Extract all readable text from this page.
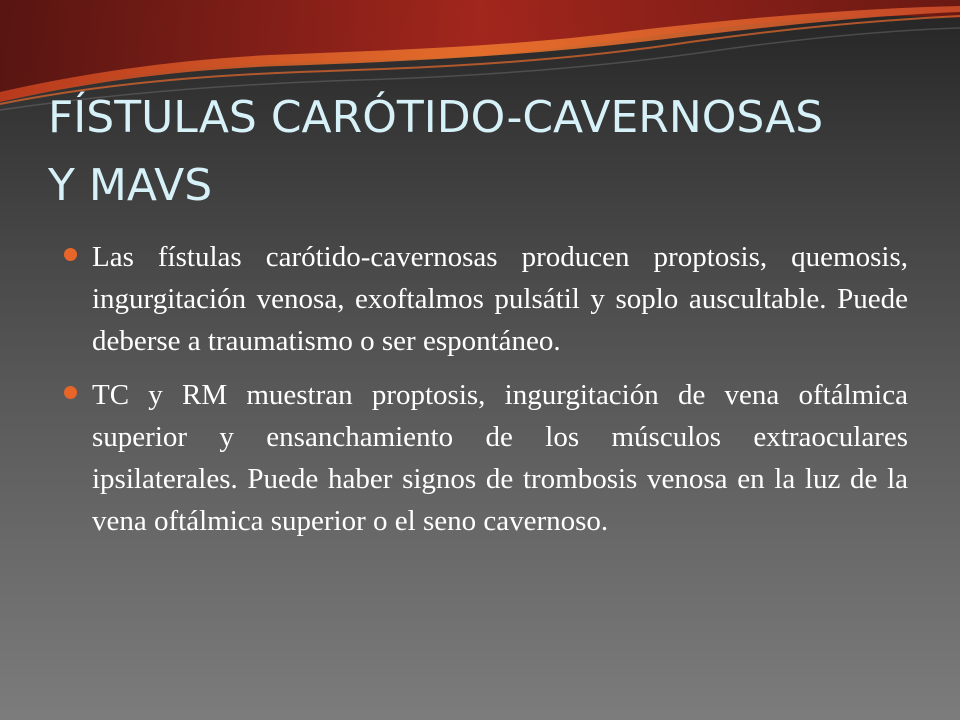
FÍSTULAS CARÓTIDO-CAVERNOSAS
Y MAVS
Las fístulas carótido-cavernosas producen proptosis, quemosis, ingurgitación venosa, exoftalmos pulsátil y soplo auscultable. Puede deberse a traumatismo o ser espontáneo.
TC y RM muestran proptosis, ingurgitación de vena oftálmica superior y ensanchamiento de los músculos extraoculares ipsilaterales. Puede haber signos de trombosis venosa en la luz de la vena oftálmica superior o el seno cavernoso.
